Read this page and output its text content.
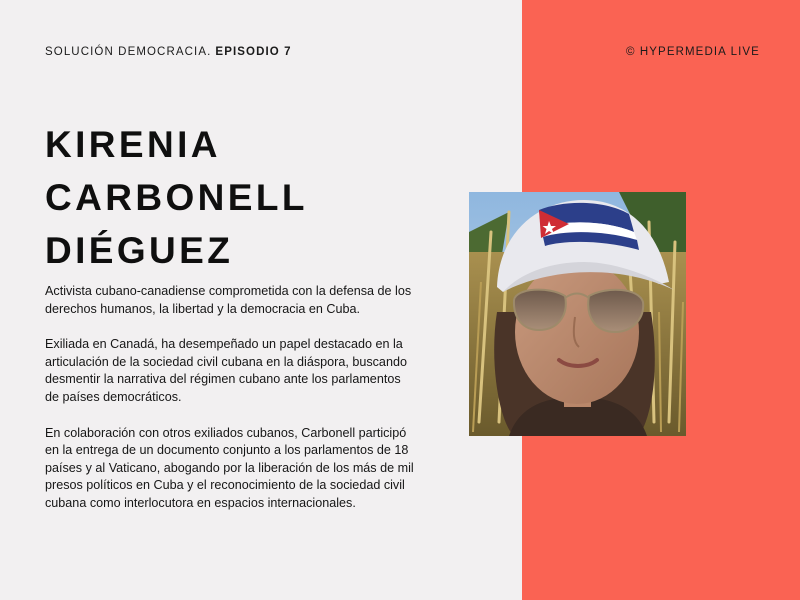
SOLUCIÓN DEMOCRACIA. EPISODIO 7	© HYPERMEDIA LIVE
KIRENIA
CARBONELL
DIÉGUEZ

Activista cubano-canadiense comprometida con la defensa de los derechos humanos, la libertad y la democracia en Cuba.

Exiliada en Canadá, ha desempeñado un papel destacado en la articulación de la sociedad civil cubana en la diáspora, buscando desmentir la narrativa del régimen cubano ante los parlamentos de países democráticos.

En colaboración con otros exiliados cubanos, Carbonell participó en la entrega de un documento conjunto a los parlamentos de 18 países y al Vaticano, abogando por la liberación de los más de mil presos políticos en Cuba y el reconocimiento de la sociedad civil cubana como interlocutora en espacios internacionales.
